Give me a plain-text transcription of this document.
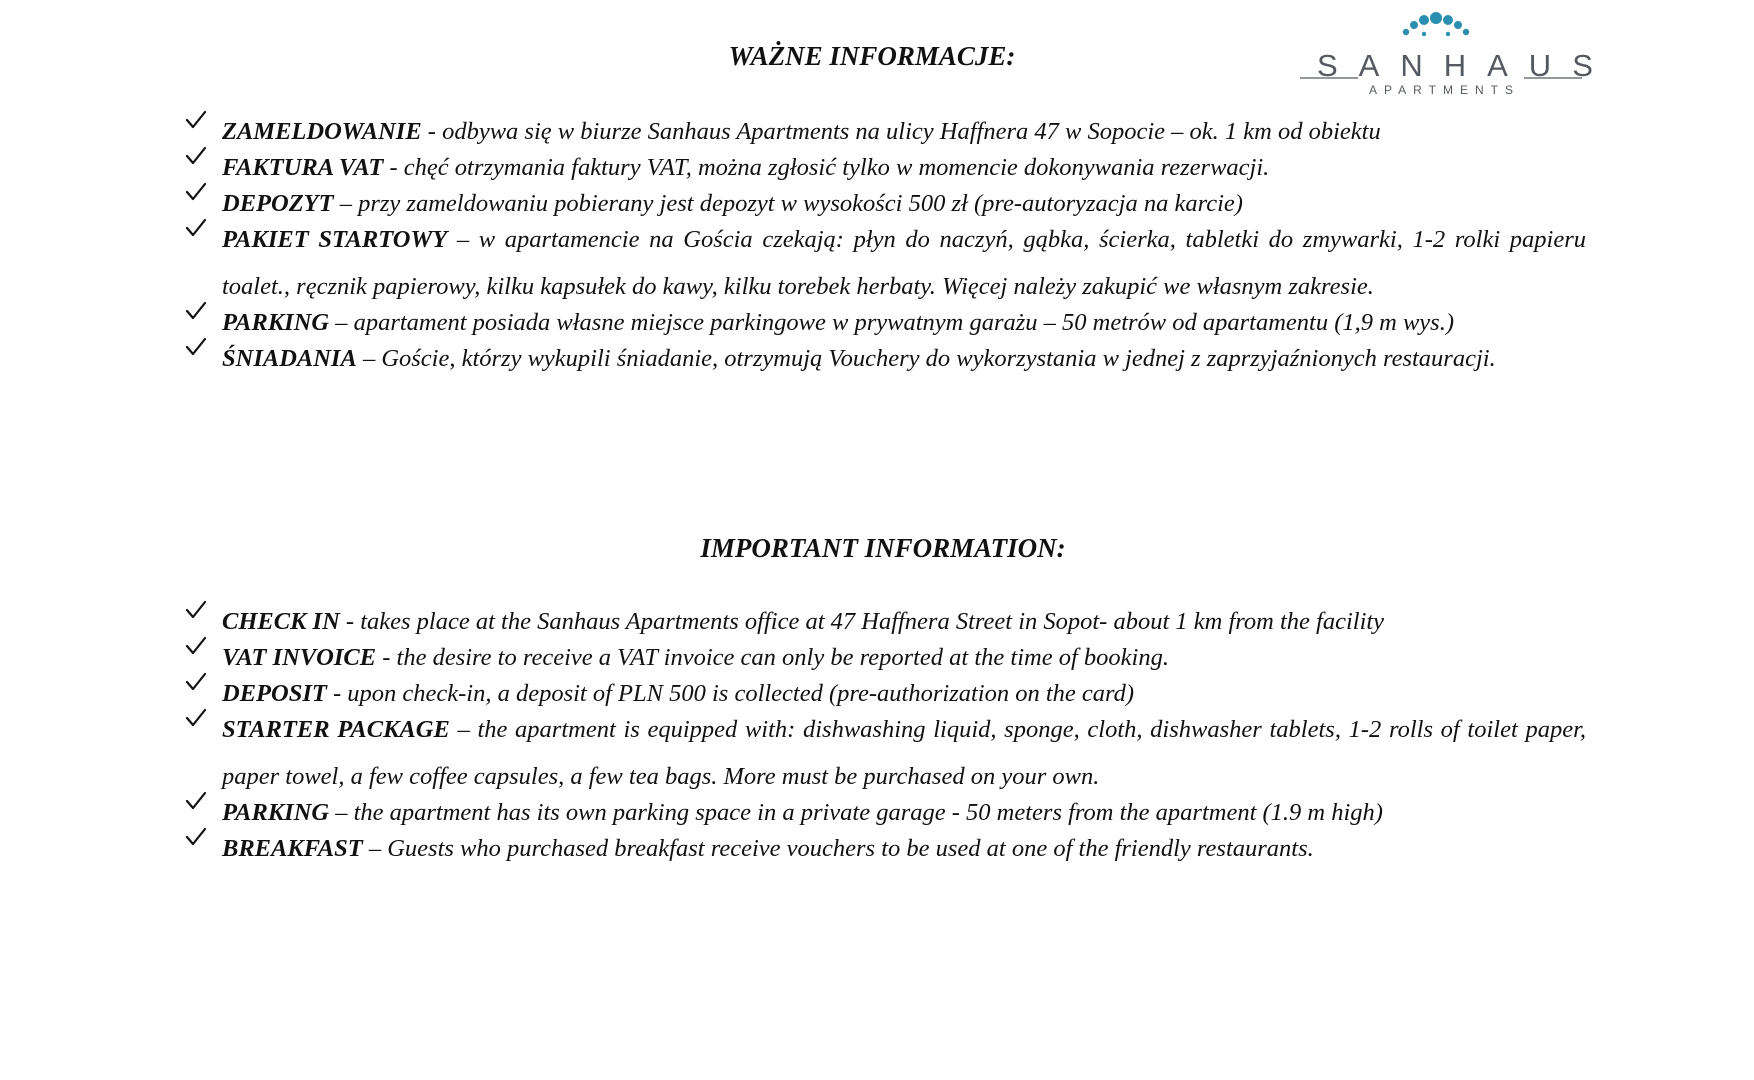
SANHAUS
APARTMENTS
WAŻNE INFORMACJE:

ZAMELDOWANIE - odbywa się w biurze Sanhaus Apartments na ulicy Haffnera 47 w Sopocie – ok. 1 km od obiektu

FAKTURA VAT - chęć otrzymania faktury VAT, można zgłosić tylko w momencie dokonywania rezerwacji.

DEPOZYT – przy zameldowaniu pobierany jest depozyt w wysokości 500 zł (pre-autoryzacja na karcie)

PAKIET STARTOWY – w apartamencie na Gościa czekają: płyn do naczyń, gąbka, ścierka, tabletki do zmywarki, 1-2 rolki papieru toalet., ręcznik papierowy, kilku kapsułek do kawy, kilku torebek herbaty. Więcej należy zakupić we własnym zakresie.

PARKING – apartament posiada własne miejsce parkingowe w prywatnym garażu – 50 metrów od apartamentu (1,9 m wys.)

ŚNIADANIA – Goście, którzy wykupili śniadanie, otrzymują Vouchery do wykorzystania w jednej z zaprzyjaźnionych restauracji.

IMPORTANT INFORMATION:

CHECK IN - takes place at the Sanhaus Apartments office at 47 Haffnera Street in Sopot- about 1 km from the facility

VAT INVOICE - the desire to receive a VAT invoice can only be reported at the time of booking.

DEPOSIT - upon check-in, a deposit of PLN 500 is collected (pre-authorization on the card)

STARTER PACKAGE – the apartment is equipped with: dishwashing liquid, sponge, cloth, dishwasher tablets, 1-2 rolls of toilet paper, paper towel, a few coffee capsules, a few tea bags. More must be purchased on your own.

PARKING – the apartment has its own parking space in a private garage - 50 meters from the apartment (1.9 m high)

BREAKFAST – Guests who purchased breakfast receive vouchers to be used at one of the friendly restaurants.
